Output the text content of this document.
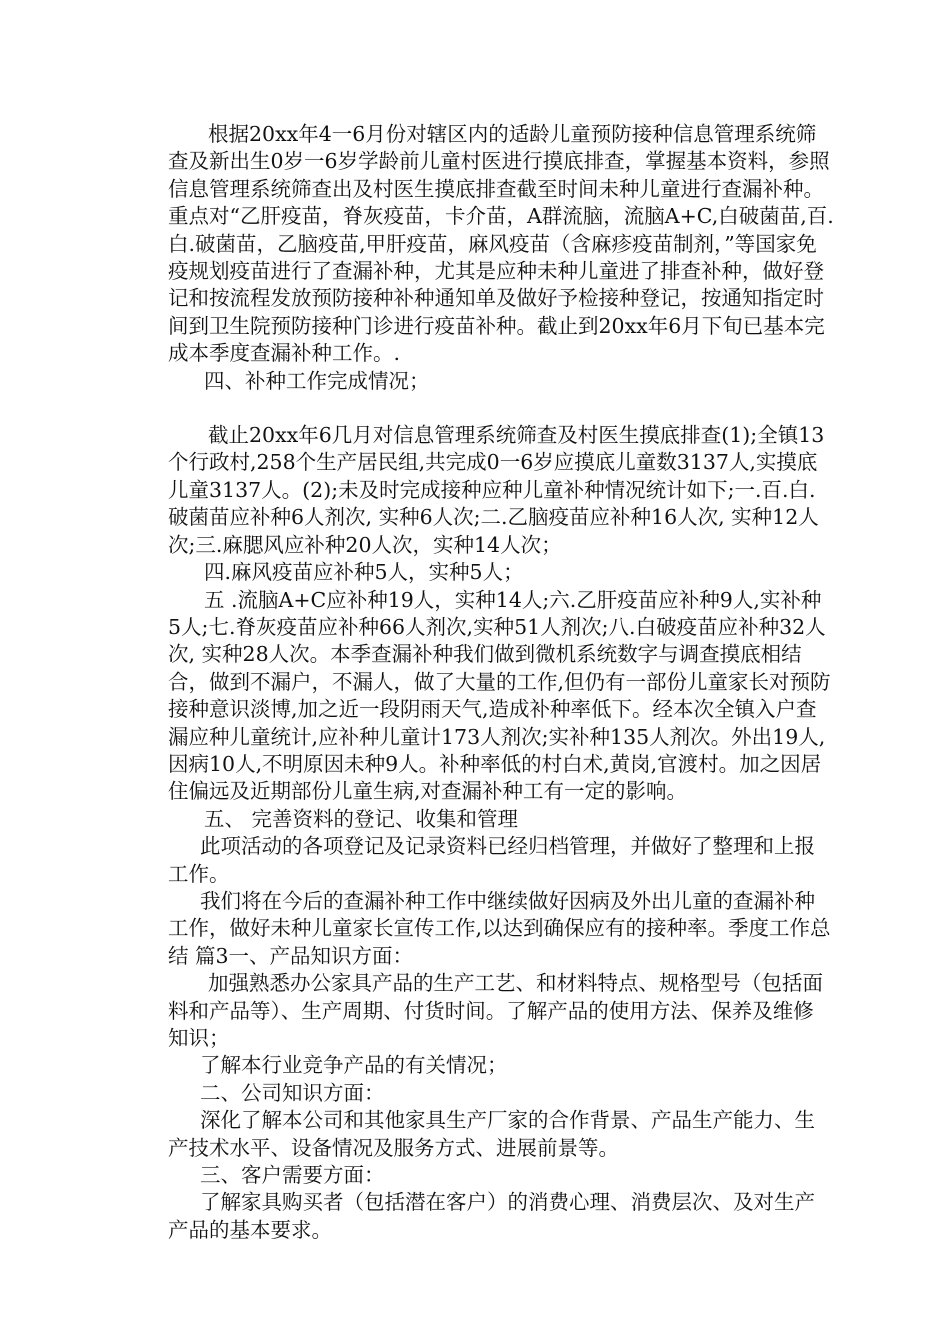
根据20xx年4一6月份对辖区内的适龄儿童预防接种信息管理系统筛查及新出生0岁一6岁学龄前儿童村医进行摸底排查，掌握基本资料，参照信息管理系统筛查出及村医生摸底排查截至时间未种儿童进行查漏补种。重点对“乙肝疫苗，脊灰疫苗，卡介苗，A群流脑，流脑A+C,白破菌苗,百.白.破菌苗，乙脑疫苗,甲肝疫苗，麻风疫苗（含麻疹疫苗制剂，”等国家免疫规划疫苗进行了查漏补种，尤其是应种未种儿童进了排查补种，做好登记和按流程发放预防接种补种通知单及做好予检接种登记，按通知指定时间到卫生院预防接种门诊进行疫苗补种。截止到20xx年6月下旬已基本完成本季度查漏补种工作。.

四、补种工作完成情况；

截止20xx年6几月对信息管理系统筛查及村医生摸底排查(1);全镇13个行政村,258个生产居民组,共完成0一6岁应摸底儿童数3137人,实摸底儿童3137人。(2);未及时完成接种应种儿童补种情况统计如下;一.百.白.破菌苗应补种6人剂次, 实种6人次;二.乙脑疫苗应补种16人次, 实种12人次;三.麻腮风应补种20人次，实种14人次；

四.麻风疫苗应补种5人，实种5人；

五 .流脑A+C应补种19人，实种14人;六.乙肝疫苗应补种9人,实补种5人;七.脊灰疫苗应补种66人剂次,实种51人剂次;八.白破疫苗应补种32人次, 实种28人次。本季查漏补种我们做到微机系统数字与调查摸底相结合，做到不漏户，不漏人，做了大量的工作,但仍有一部份儿童家长对预防接种意识淡博,加之近一段阴雨天气,造成补种率低下。经本次全镇入户查漏应种儿童统计,应补种儿童计173人剂次;实补种135人剂次。外出19人,因病10人,不明原因未种9人。补种率低的村白术,黄岗,官渡村。加之因居住偏远及近期部份儿童生病,对查漏补种工有一定的影响。

五、 完善资料的登记、收集和管理

此项活动的各项登记及记录资料已经归档管理，并做好了整理和上报工作。

我们将在今后的查漏补种工作中继续做好因病及外出儿童的查漏补种工作，做好未种儿童家长宣传工作,以达到确保应有的接种率。季度工作总结 篇3一、产品知识方面：

加强熟悉办公家具产品的生产工艺、和材料特点、规格型号（包括面料和产品等）、生产周期、付货时间。了解产品的使用方法、保养及维修知识；

了解本行业竞争产品的有关情况；

二、公司知识方面：

深化了解本公司和其他家具生产厂家的合作背景、产品生产能力、生产技术水平、设备情况及服务方式、进展前景等。

三、客户需要方面：

了解家具购买者（包括潜在客户）的消费心理、消费层次、及对生产产品的基本要求。
